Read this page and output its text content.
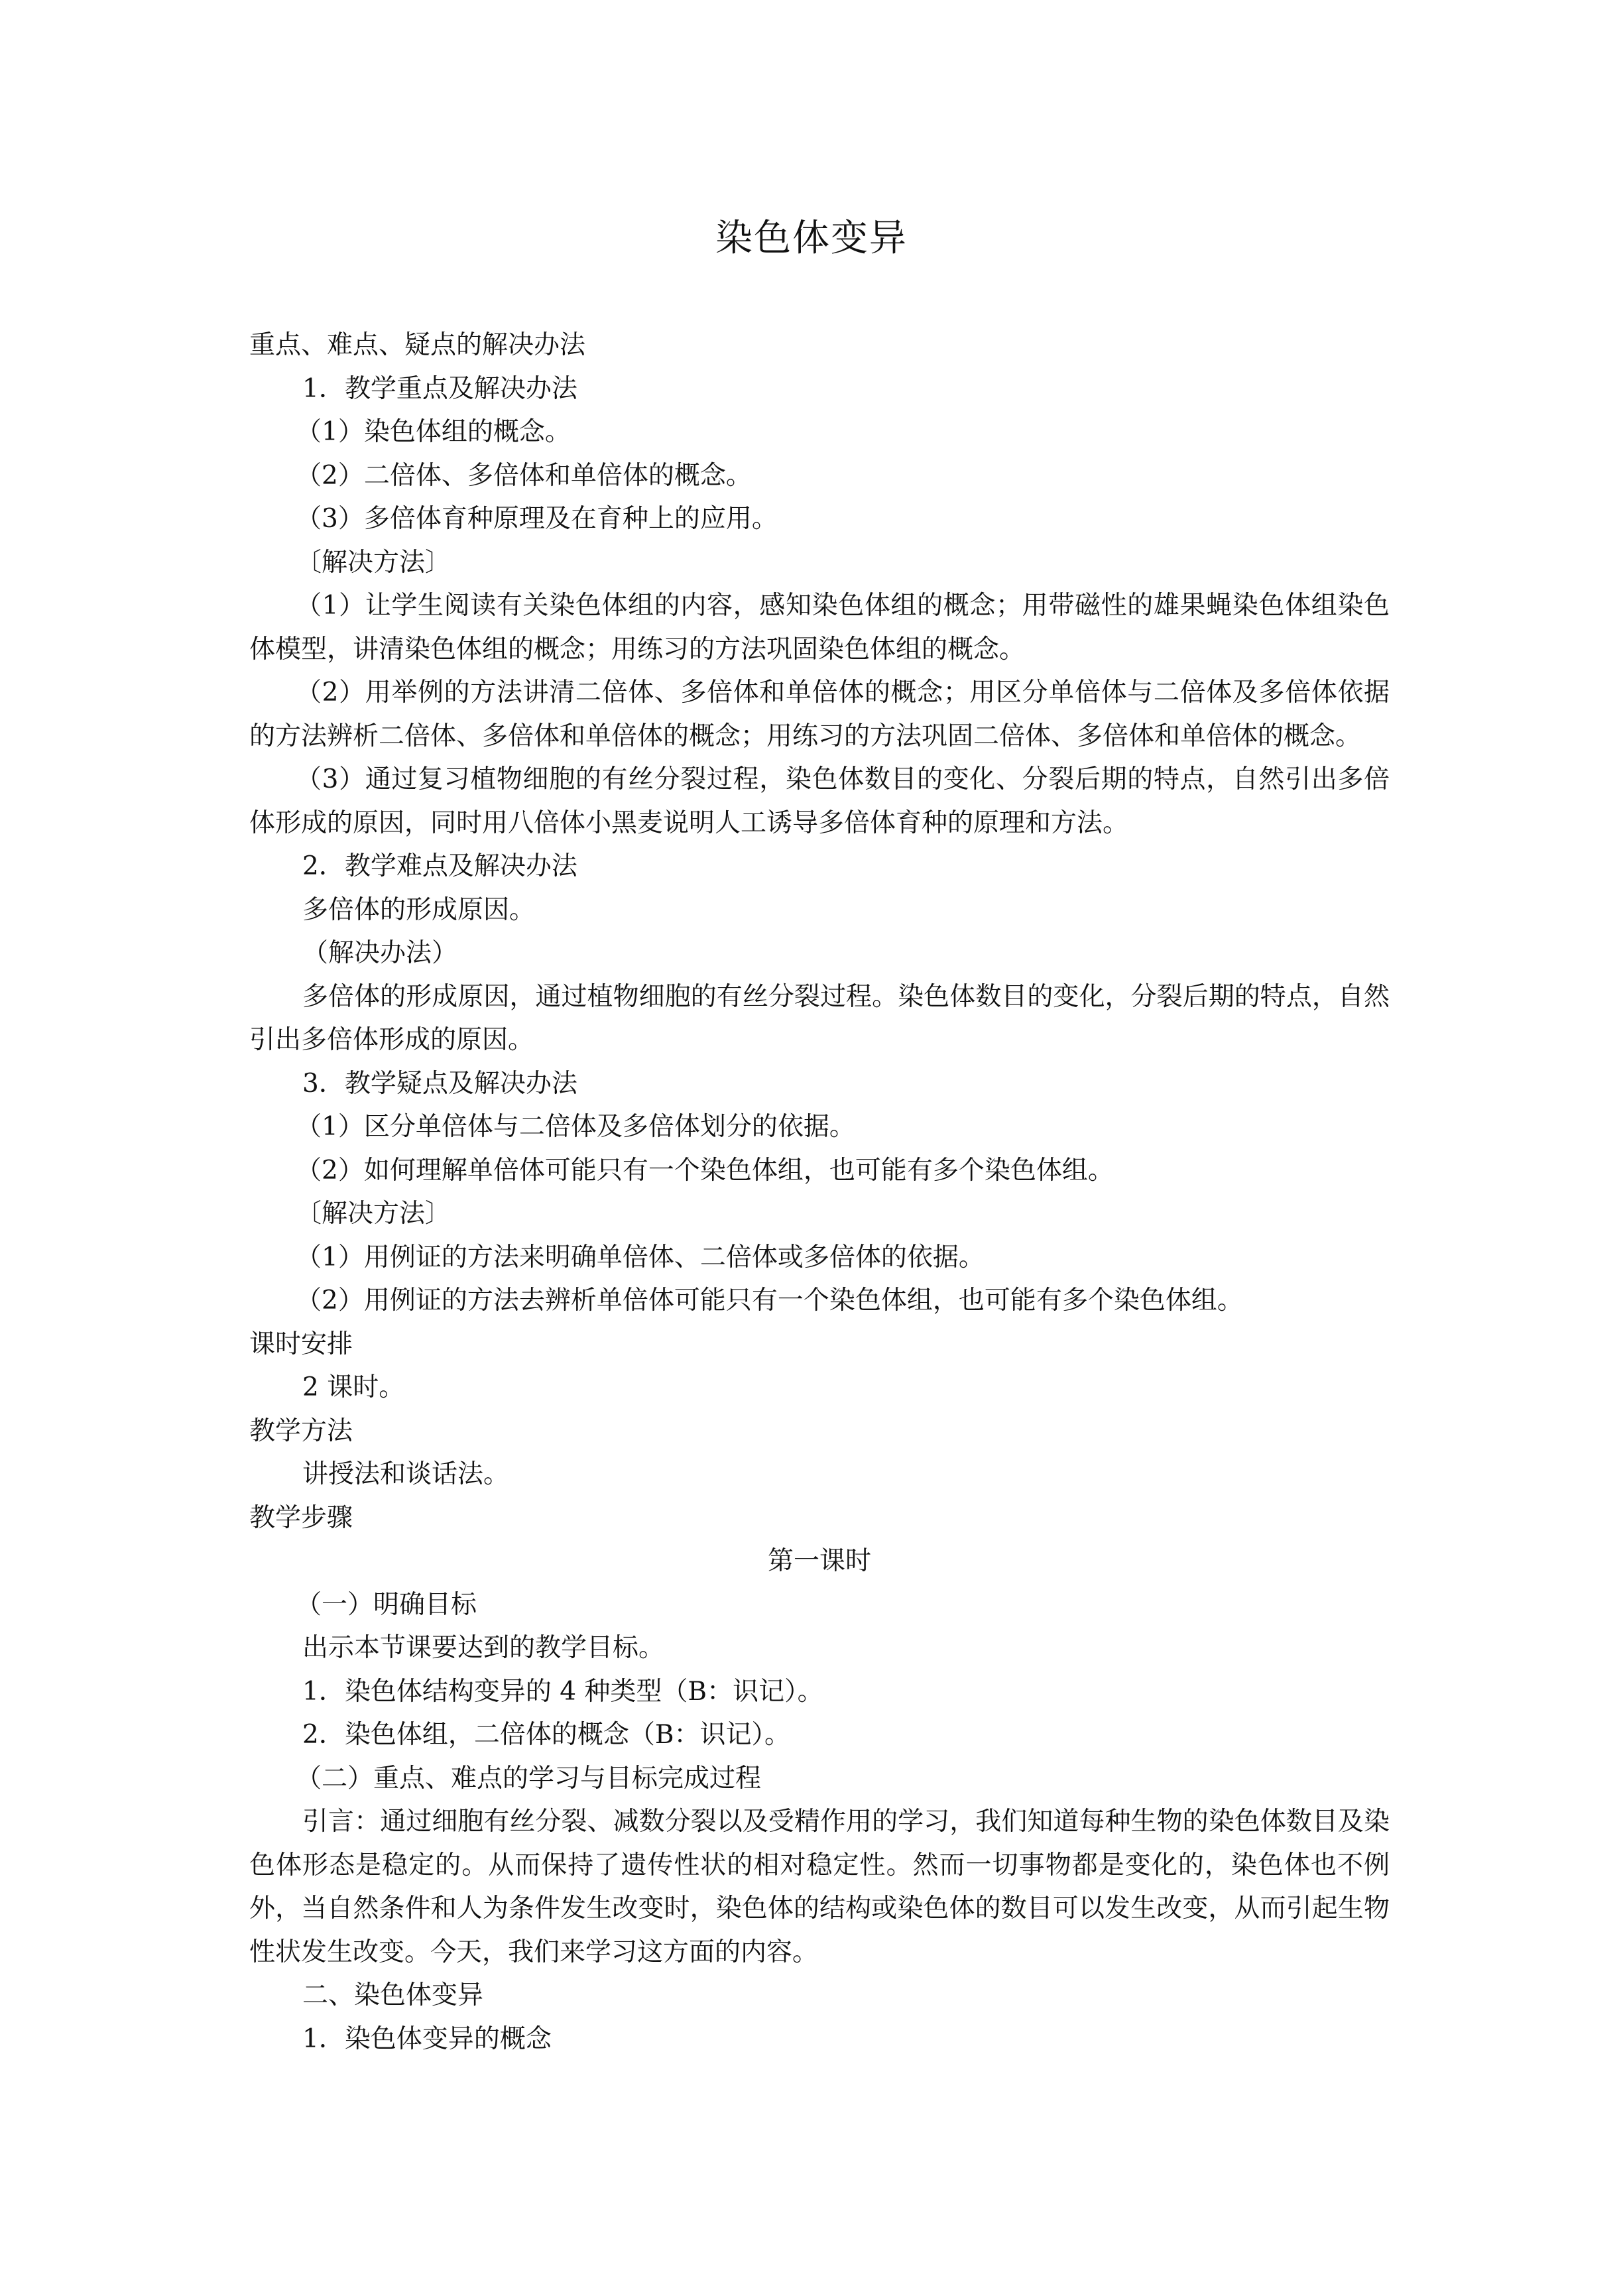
染色体变异
重点、难点、疑点的解决办法
1．教学重点及解决办法
（1）染色体组的概念。
（2）二倍体、多倍体和单倍体的概念。
（3）多倍体育种原理及在育种上的应用。
〔解决方法〕
（1）让学生阅读有关染色体组的内容，感知染色体组的概念；用带磁性的雄果蝇染色体组染色体模型，讲清染色体组的概念；用练习的方法巩固染色体组的概念。
（2）用举例的方法讲清二倍体、多倍体和单倍体的概念；用区分单倍体与二倍体及多倍体依据的方法辨析二倍体、多倍体和单倍体的概念；用练习的方法巩固二倍体、多倍体和单倍体的概念。
（3）通过复习植物细胞的有丝分裂过程，染色体数目的变化、分裂后期的特点，自然引出多倍体形成的原因，同时用八倍体小黑麦说明人工诱导多倍体育种的原理和方法。
2．教学难点及解决办法
多倍体的形成原因。
（解决办法）
多倍体的形成原因，通过植物细胞的有丝分裂过程。染色体数目的变化，分裂后期的特点，自然引出多倍体形成的原因。
3．教学疑点及解决办法
（1）区分单倍体与二倍体及多倍体划分的依据。
（2）如何理解单倍体可能只有一个染色体组，也可能有多个染色体组。
〔解决方法〕
（1）用例证的方法来明确单倍体、二倍体或多倍体的依据。
（2）用例证的方法去辨析单倍体可能只有一个染色体组，也可能有多个染色体组。
课时安排
2 课时。
教学方法
讲授法和谈话法。
教学步骤
第一课时
（一）明确目标
出示本节课要达到的教学目标。
1．染色体结构变异的 4 种类型（B：识记）。
2．染色体组，二倍体的概念（B：识记）。
（二）重点、难点的学习与目标完成过程
引言：通过细胞有丝分裂、减数分裂以及受精作用的学习，我们知道每种生物的染色体数目及染色体形态是稳定的。从而保持了遗传性状的相对稳定性。然而一切事物都是变化的，染色体也不例外，当自然条件和人为条件发生改变时，染色体的结构或染色体的数目可以发生改变，从而引起生物性状发生改变。今天，我们来学习这方面的内容。
二、染色体变异
1．染色体变异的概念
